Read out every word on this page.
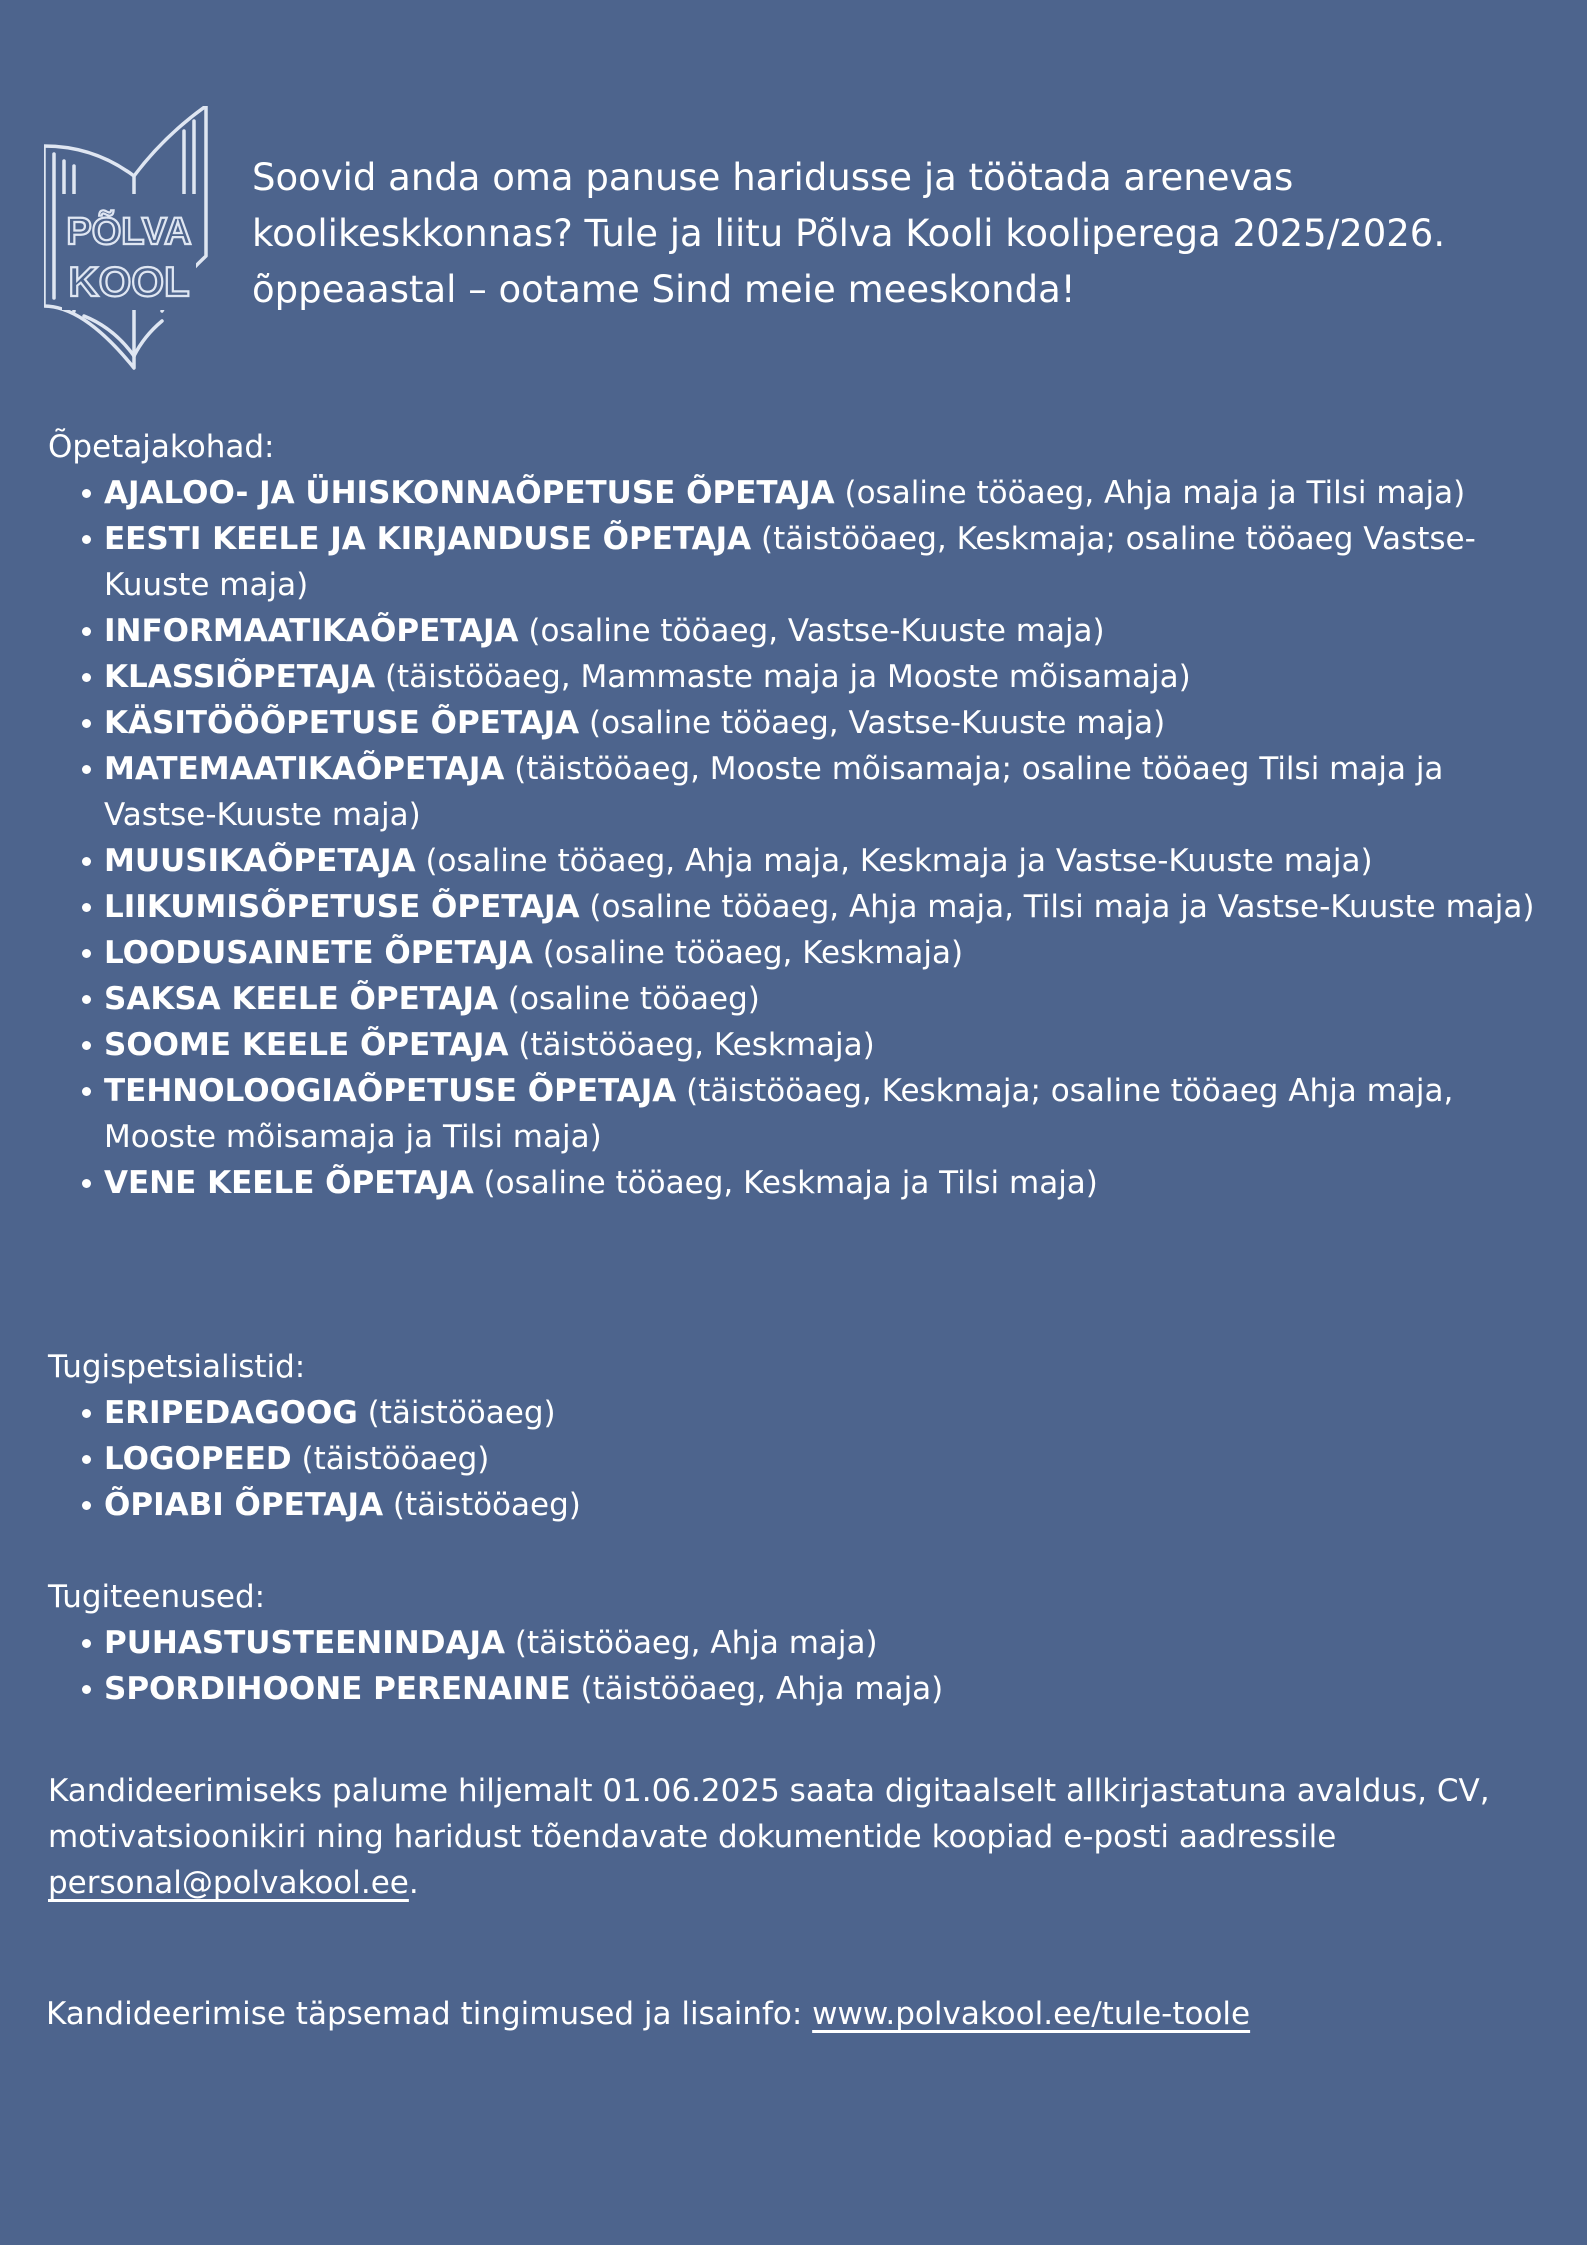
PÕLVA
KOOL

Soovid anda oma panuse haridusse ja töötada arenevas koolikeskkonnas? Tule ja liitu Põlva Kooli kooliperega 2025/2026. õppeaastal – ootame Sind meie meeskonda!

Õpetajakohad:
AJALOO- JA ÜHISKONNAÕPETUSE ÕPETAJA (osaline tööaeg, Ahja maja ja Tilsi maja)
EESTI KEELE JA KIRJANDUSE ÕPETAJA (täistööaeg, Keskmaja; osaline tööaeg Vastse-Kuuste maja)
INFORMAATIKAÕPETAJA (osaline tööaeg, Vastse-Kuuste maja)
KLASSIÕPETAJA (täistööaeg, Mammaste maja ja Mooste mõisamaja)
KÄSITÖÖÕPETUSE ÕPETAJA (osaline tööaeg, Vastse-Kuuste maja)
MATEMAATIKAÕPETAJA (täistööaeg, Mooste mõisamaja; osaline tööaeg Tilsi maja ja Vastse-Kuuste maja)
MUUSIKAÕPETAJA (osaline tööaeg, Ahja maja, Keskmaja ja Vastse-Kuuste maja)
LIIKUMISÕPETUSE ÕPETAJA (osaline tööaeg, Ahja maja, Tilsi maja ja Vastse-Kuuste maja)
LOODUSAINETE ÕPETAJA (osaline tööaeg, Keskmaja)
SAKSA KEELE ÕPETAJA (osaline tööaeg)
SOOME KEELE ÕPETAJA (täistööaeg, Keskmaja)
TEHNOLOOGIAÕPETUSE ÕPETAJA (täistööaeg, Keskmaja; osaline tööaeg Ahja maja, Mooste mõisamaja ja Tilsi maja)
VENE KEELE ÕPETAJA (osaline tööaeg, Keskmaja ja Tilsi maja)
Tugispetsialistid:
ERIPEDAGOOG (täistööaeg)
LOGOPEED (täistööaeg)
ÕPIABI ÕPETAJA (täistööaeg)
Tugiteenused:
PUHASTUSTEENINDAJA (täistööaeg, Ahja maja)
SPORDIHOONE PERENAINE (täistööaeg, Ahja maja)

Kandideerimiseks palume hiljemalt 01.06.2025 saata digitaalselt allkirjastatuna avaldus, CV, motivatsioonikiri ning haridust tõendavate dokumentide koopiad e-posti aadressile personal@polvakool.ee.

Kandideerimise täpsemad tingimused ja lisainfo: www.polvakool.ee/tule-toole
